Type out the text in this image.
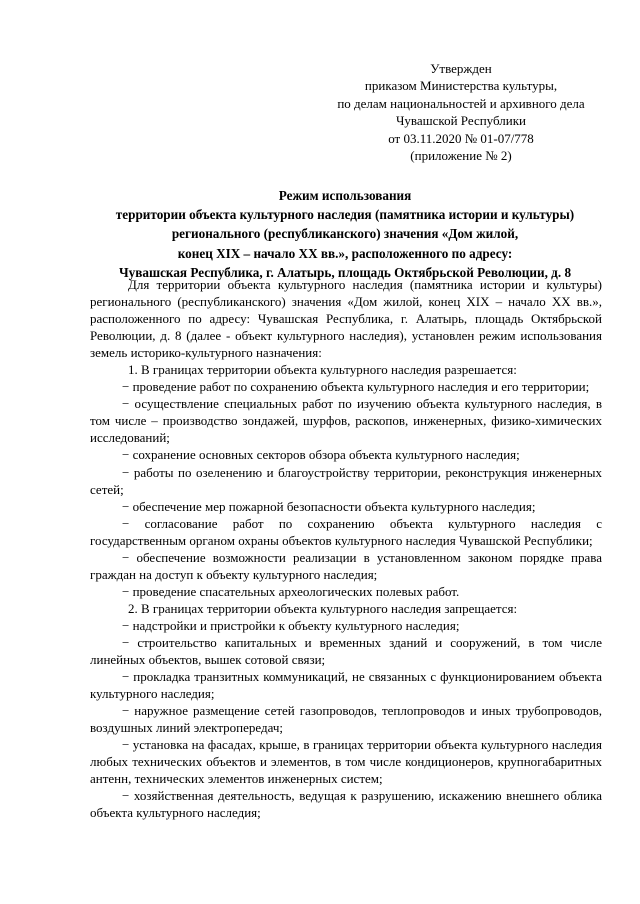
Утвержден
приказом Министерства культуры,
по делам национальностей и архивного дела
Чувашской Республики
от 03.11.2020 № 01-07/778
(приложение № 2)
Режим использования
территории объекта культурного наследия (памятника истории и культуры)
регионального (республиканского) значения «Дом жилой,
конец XIX – начало XX вв.», расположенного по адресу:
Чувашская Республика, г. Алатырь, площадь Октябрьской Революции, д. 8

Для территории объекта культурного наследия (памятника истории и культуры) регионального (республиканского) значения «Дом жилой, конец XIX – начало XX вв.», расположенного по адресу: Чувашская Республика, г. Алатырь, площадь Октябрьской Революции, д. 8 (далее - объект культурного наследия), установлен режим использования земель историко-культурного назначения:

1. В границах территории объекта культурного наследия разрешается:

− проведение работ по сохранению объекта культурного наследия и его территории;

− осуществление специальных работ по изучению объекта культурного наследия, в том числе – производство зондажей, шурфов, раскопов, инженерных, физико-химических исследований;

− сохранение основных секторов обзора объекта культурного наследия;

− работы по озеленению и благоустройству территории, реконструкция инженерных сетей;

− обеспечение мер пожарной безопасности объекта культурного наследия;

− согласование работ по сохранению объекта культурного наследия с государственным органом охраны объектов культурного наследия Чувашской Республики;

− обеспечение возможности реализации в установленном законом порядке права граждан на доступ к объекту культурного наследия;

− проведение спасательных археологических полевых работ.

2. В границах территории объекта культурного наследия запрещается:

− надстройки и пристройки к объекту культурного наследия;

− строительство капитальных и временных зданий и сооружений, в том числе линейных объектов, вышек сотовой связи;

− прокладка транзитных коммуникаций, не связанных с функционированием объекта культурного наследия;

− наружное размещение сетей газопроводов, теплопроводов и иных трубопроводов, воздушных линий электропередач;

− установка на фасадах, крыше, в границах территории объекта культурного наследия любых технических объектов и элементов, в том числе кондиционеров, крупногабаритных антенн, технических элементов инженерных систем;

− хозяйственная деятельность, ведущая к разрушению, искажению внешнего облика объекта культурного наследия;
